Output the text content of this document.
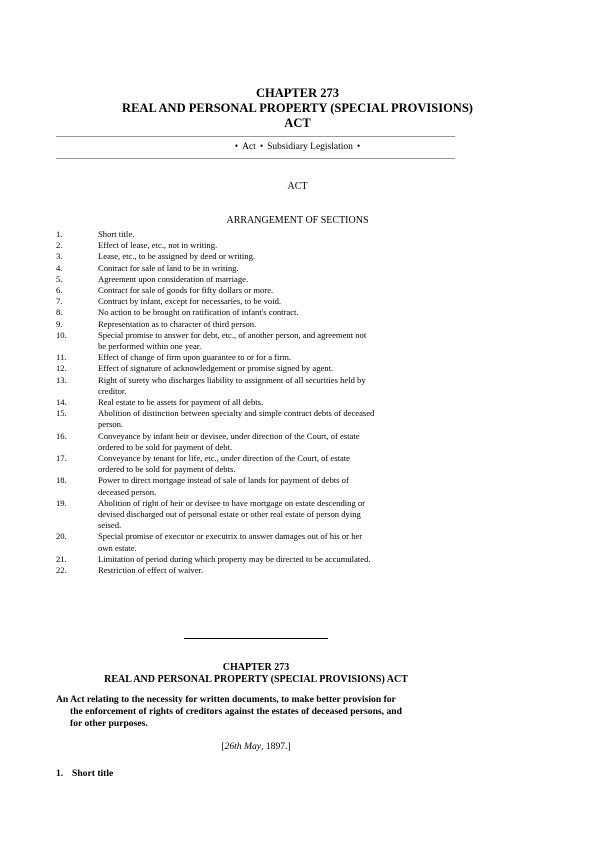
CHAPTER 273
REAL AND PERSONAL PROPERTY (SPECIAL PROVISIONS)
ACT
• Act • Subsidiary Legislation •
ACT
ARRANGEMENT OF SECTIONS
1.	Short title.
2.	Effect of lease, etc., not in writing.
3.	Lease, etc., to be assigned by deed or writing.
4.	Contract for sale of land to be in writing.
5.	Agreement upon consideration of marriage.
6.	Contract for sale of goods for fifty dollars or more.
7.	Contract by infant, except for necessaries, to be void.
8.	No action to be brought on ratification of infant's contract.
9.	Representation as to character of third person.
10.	Special promise to answer for debt, etc., of another person, and agreement not
be performed within one year.
11.	Effect of change of firm upon guarantee to or for a firm.
12.	Effect of signature of acknowledgement or promise signed by agent.
13.	Right of surety who discharges liability to assignment of all securities held by
creditor.
14.	Real estate to be assets for payment of all debts.
15.	Abolition of distinction between specialty and simple contract debts of deceased
person.
16.	Conveyance by infant heir or devisee, under direction of the Court, of estate
ordered to be sold for payment of debt.
17.	Conveyance by tenant for life, etc., under direction of the Court, of estate
ordered to be sold for payment of debts.
18.	Power to direct mortgage instead of sale of lands for payment of debts of
deceased person.
19.	Abolition of right of heir or devisee to have mortgage on estate descending or
devised discharged out of personal estate or other real estate of person dying
seised.
20.	Special promise of executor or executrix to answer damages out of his or her
own estate.
21.	Limitation of period during which property may be directed to be accumulated.
22.	Restriction of effect of waiver.
CHAPTER 273
REAL AND PERSONAL PROPERTY (SPECIAL PROVISIONS) ACT
An Act relating to the necessity for written documents, to make better provision for
the enforcement of rights of creditors against the estates of deceased persons, and
for other purposes.
[26th May, 1897.]
1. Short title
